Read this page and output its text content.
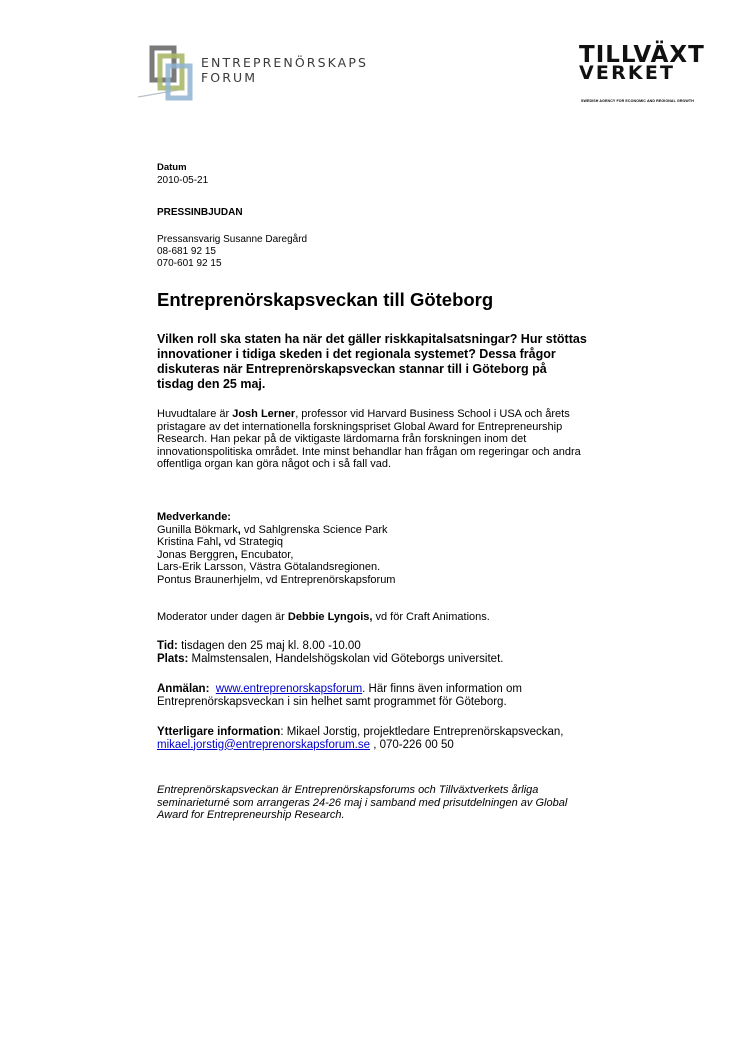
ENTREPRENÖRSKAPS
FORUM
TILLVÄXT
VERKET
SWEDISH AGENCY FOR ECONOMIC AND REGIONAL GROWTH
Datum
2010-05-21
PRESSINBJUDAN
Pressansvarig Susanne Daregård
08-681 92 15
070-601 92 15
Entreprenörskapsveckan till Göteborg
Vilken roll ska staten ha när det gäller riskkapitalsatsningar? Hur stöttas
innovationer i tidiga skeden i det regionala systemet? Dessa frågor
diskuteras när Entreprenörskapsveckan stannar till i Göteborg på
tisdag den 25 maj.

Huvudtalare är Josh Lerner, professor vid Harvard Business School i USA och årets

pristagare av det internationella forskningspriset Global Award for Entrepreneurship

Research. Han pekar på de viktigaste lärdomarna från forskningen inom det

innovationspolitiska området. Inte minst behandlar han frågan om regeringar och andra

offentliga organ kan göra något och i så fall vad.

Medverkande:

Gunilla Bökmark, vd Sahlgrenska Science Park

Kristina Fahl, vd Strategiq

Jonas Berggren, Encubator,

Lars-Erik Larsson, Västra Götalandsregionen.

Pontus Braunerhjelm, vd Entreprenörskapsforum

Moderator under dagen är Debbie Lyngois, vd för Craft Animations.

Tid: tisdagen den 25 maj kl. 8.00 -10.00

Plats: Malmstensalen, Handelshögskolan vid Göteborgs universitet.

Anmälan: www.entreprenorskapsforum. Här finns även information om

Entreprenörskapsveckan i sin helhet samt programmet för Göteborg.

Ytterligare information: Mikael Jorstig, projektledare Entreprenörskapsveckan,

mikael.jorstig@entreprenorskapsforum.se , 070-226 00 50

Entreprenörskapsveckan är Entreprenörskapsforums och Tillväxtverkets årliga

seminarieturné som arrangeras 24-26 maj i samband med prisutdelningen av Global

Award for Entrepreneurship Research.
